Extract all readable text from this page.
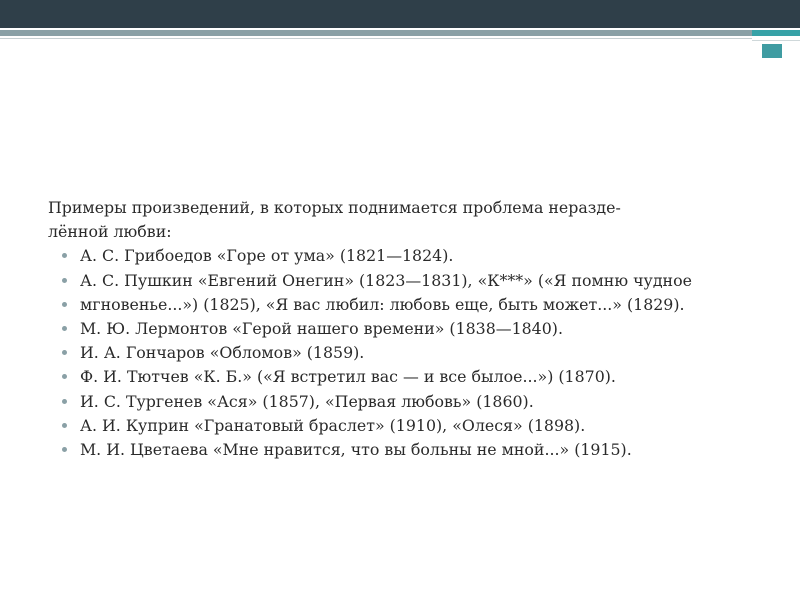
Примеры произведений, в которых поднимается проблема неразде-
лённой любви:

А. С. Грибоедов «Горе от ума» (1821—1824).
А. С. Пушкин «Евгений Онегин» (1823—1831), «К***» («Я помню чудное
мгновенье...») (1825), «Я вас любил: любовь еще, быть может...» (1829).
М. Ю. Лермонтов «Герой нашего времени» (1838—1840).
И. А. Гончаров «Обломов» (1859).
Ф. И. Тютчев «К. Б.» («Я встретил вас — и все былое...») (1870).
И. С. Тургенев «Ася» (1857), «Первая любовь» (1860).
А. И. Куприн «Гранатовый браслет» (1910), «Олеся» (1898).
М. И. Цветаева «Мне нравится, что вы больны не мной...» (1915).
